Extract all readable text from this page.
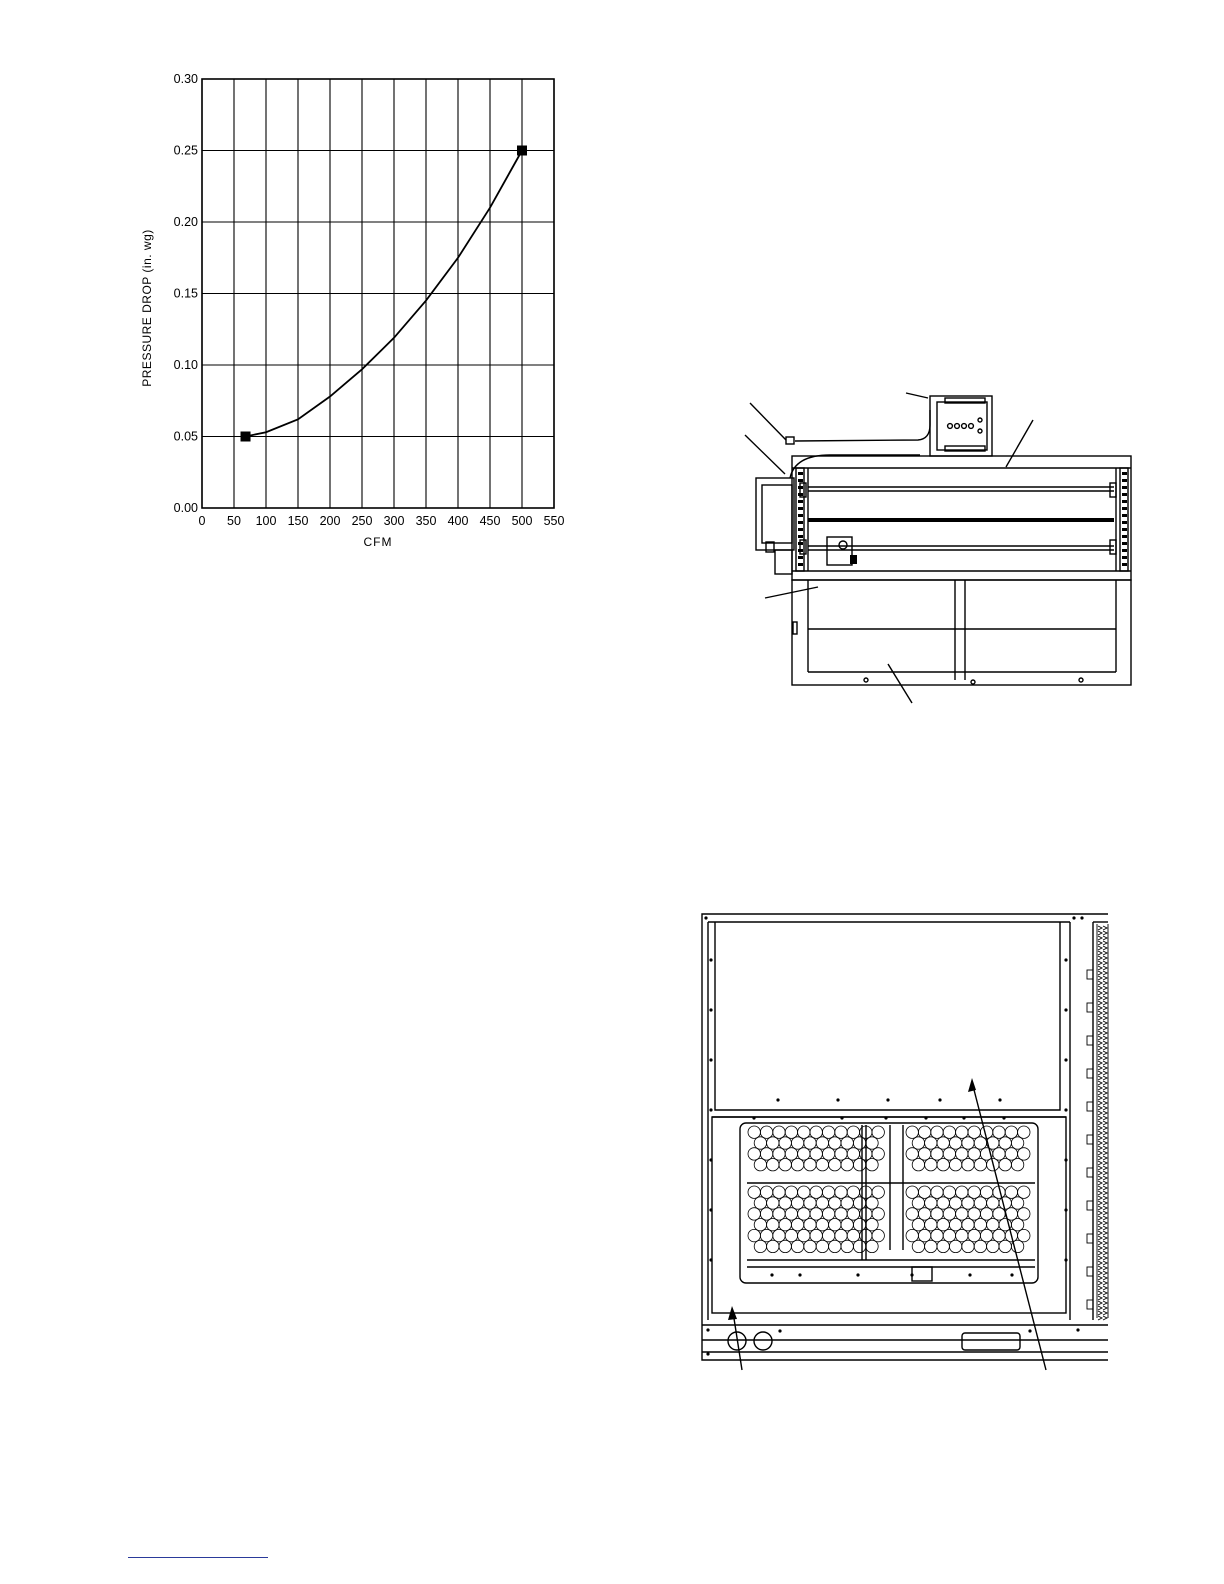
0.00
0.05
0.10
0.15
0.20
0.25
0.30
0 50 100 150 200 250 300 350 400 450 500 550
PRESSURE DROP (in. wg)
CFM
